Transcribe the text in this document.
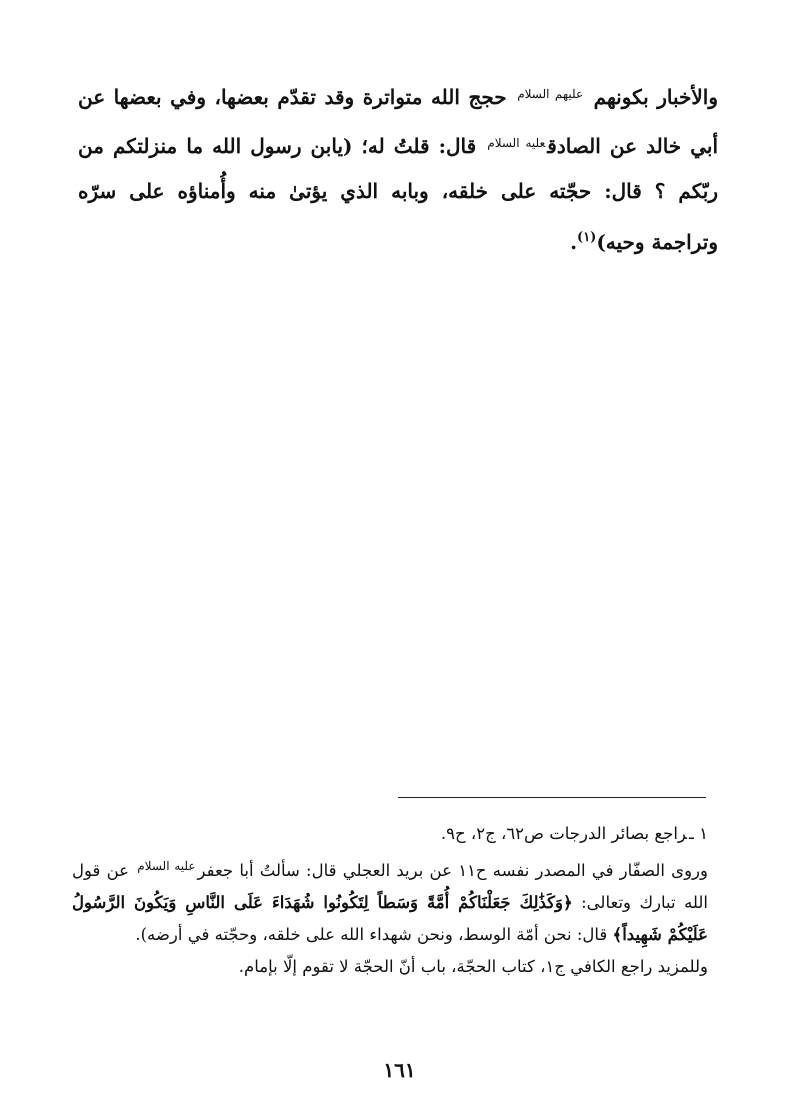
والأخبار بكونهم $^{عليهم السلام}$ حجج الله متواترة وقد تقدّم بعضها، وفي بعضها عن أبي خالد عن الصادق$^{عليه السلام}$ قال: قلتُ له؛ (يابن رسول الله ما منزلتكم من ربّكم ؟ قال: حجّته على خلقه، وبابه الذي يؤتىٰ منه وأُمناؤه على سرّه وتراجمة وحيه)$^{(١)}$.

١ ـراجع بصائر الدرجات ص٦٢، ج٢، ح٩.

وروى الصفّار في المصدر نفسه ح١١ عن بريد العجلي قال: سألتُ أبا جعفر$^{عليه السلام}$ عن قول الله تبارك وتعالى: ﴿وَكَذَٰلِكَ جَعَلْنَاكُمْ أُمَّةً وَسَطاً لِتَكُونُوا شُهَدَاءَ عَلَى النَّاسِ وَيَكُونَ الرَّسُولُ عَلَيْكُمْ شَهِيداً﴾ قال: نحن أمّة الوسط، ونحن شهداء الله على خلقه، وحجّته في أرضه).

وللمزيد راجع الكافي ج١، كتاب الحجّة، باب أنّ الحجّة لا تقوم إلّا بإمام.

١٦١
